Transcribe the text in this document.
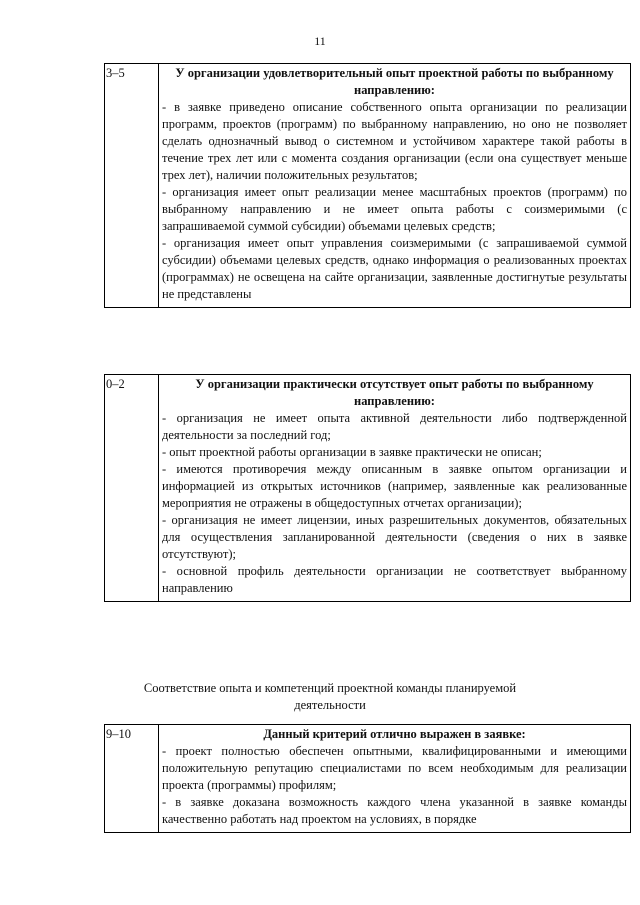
11
3–5	У организации удовлетворительный опыт проектной работы по выбранному направлению:

- в заявке приведено описание собственного опыта организации по реализации программ, проектов (программ) по выбранному направлению, но оно не позволяет сделать однозначный вывод о системном и устойчивом характере такой работы в течение трех лет или с момента создания организации (если она существует меньше трех лет), наличии положительных результатов;

- организация имеет опыт реализации менее масштабных проектов (программ) по выбранному направлению и не имеет опыта работы с соизмеримыми (с запрашиваемой суммой субсидии) объемами целевых средств;

- организация имеет опыт управления соизмеримыми (с запрашиваемой суммой субсидии) объемами целевых средств, однако информация о реализованных проектах (программах) не освещена на сайте организации, заявленные достигнутые результаты не представлены

0–2	У организации практически отсутствует опыт работы по выбранному направлению:

- организация не имеет опыта активной деятельности либо подтвержденной деятельности за последний год;

- опыт проектной работы организации в заявке практически не описан;

- имеются противоречия между описанным в заявке опытом организации и информацией из открытых источников (например, заявленные как реализованные мероприятия не отражены в общедоступных отчетах организации);

- организация не имеет лицензии, иных разрешительных документов, обязательных для осуществления запланированной деятельности (сведения о них в заявке отсутствуют);

- основной профиль деятельности организации не соответствует выбранному направлению

Соответствие опыта и компетенций проектной команды планируемой деятельности
9–10	Данный критерий отлично выражен в заявке:

- проект полностью обеспечен опытными, квалифицированными и имеющими положительную репутацию специалистами по всем необходимым для реализации проекта (программы) профилям;

- в заявке доказана возможность каждого члена указанной в заявке команды качественно работать над проектом на условиях, в порядке
